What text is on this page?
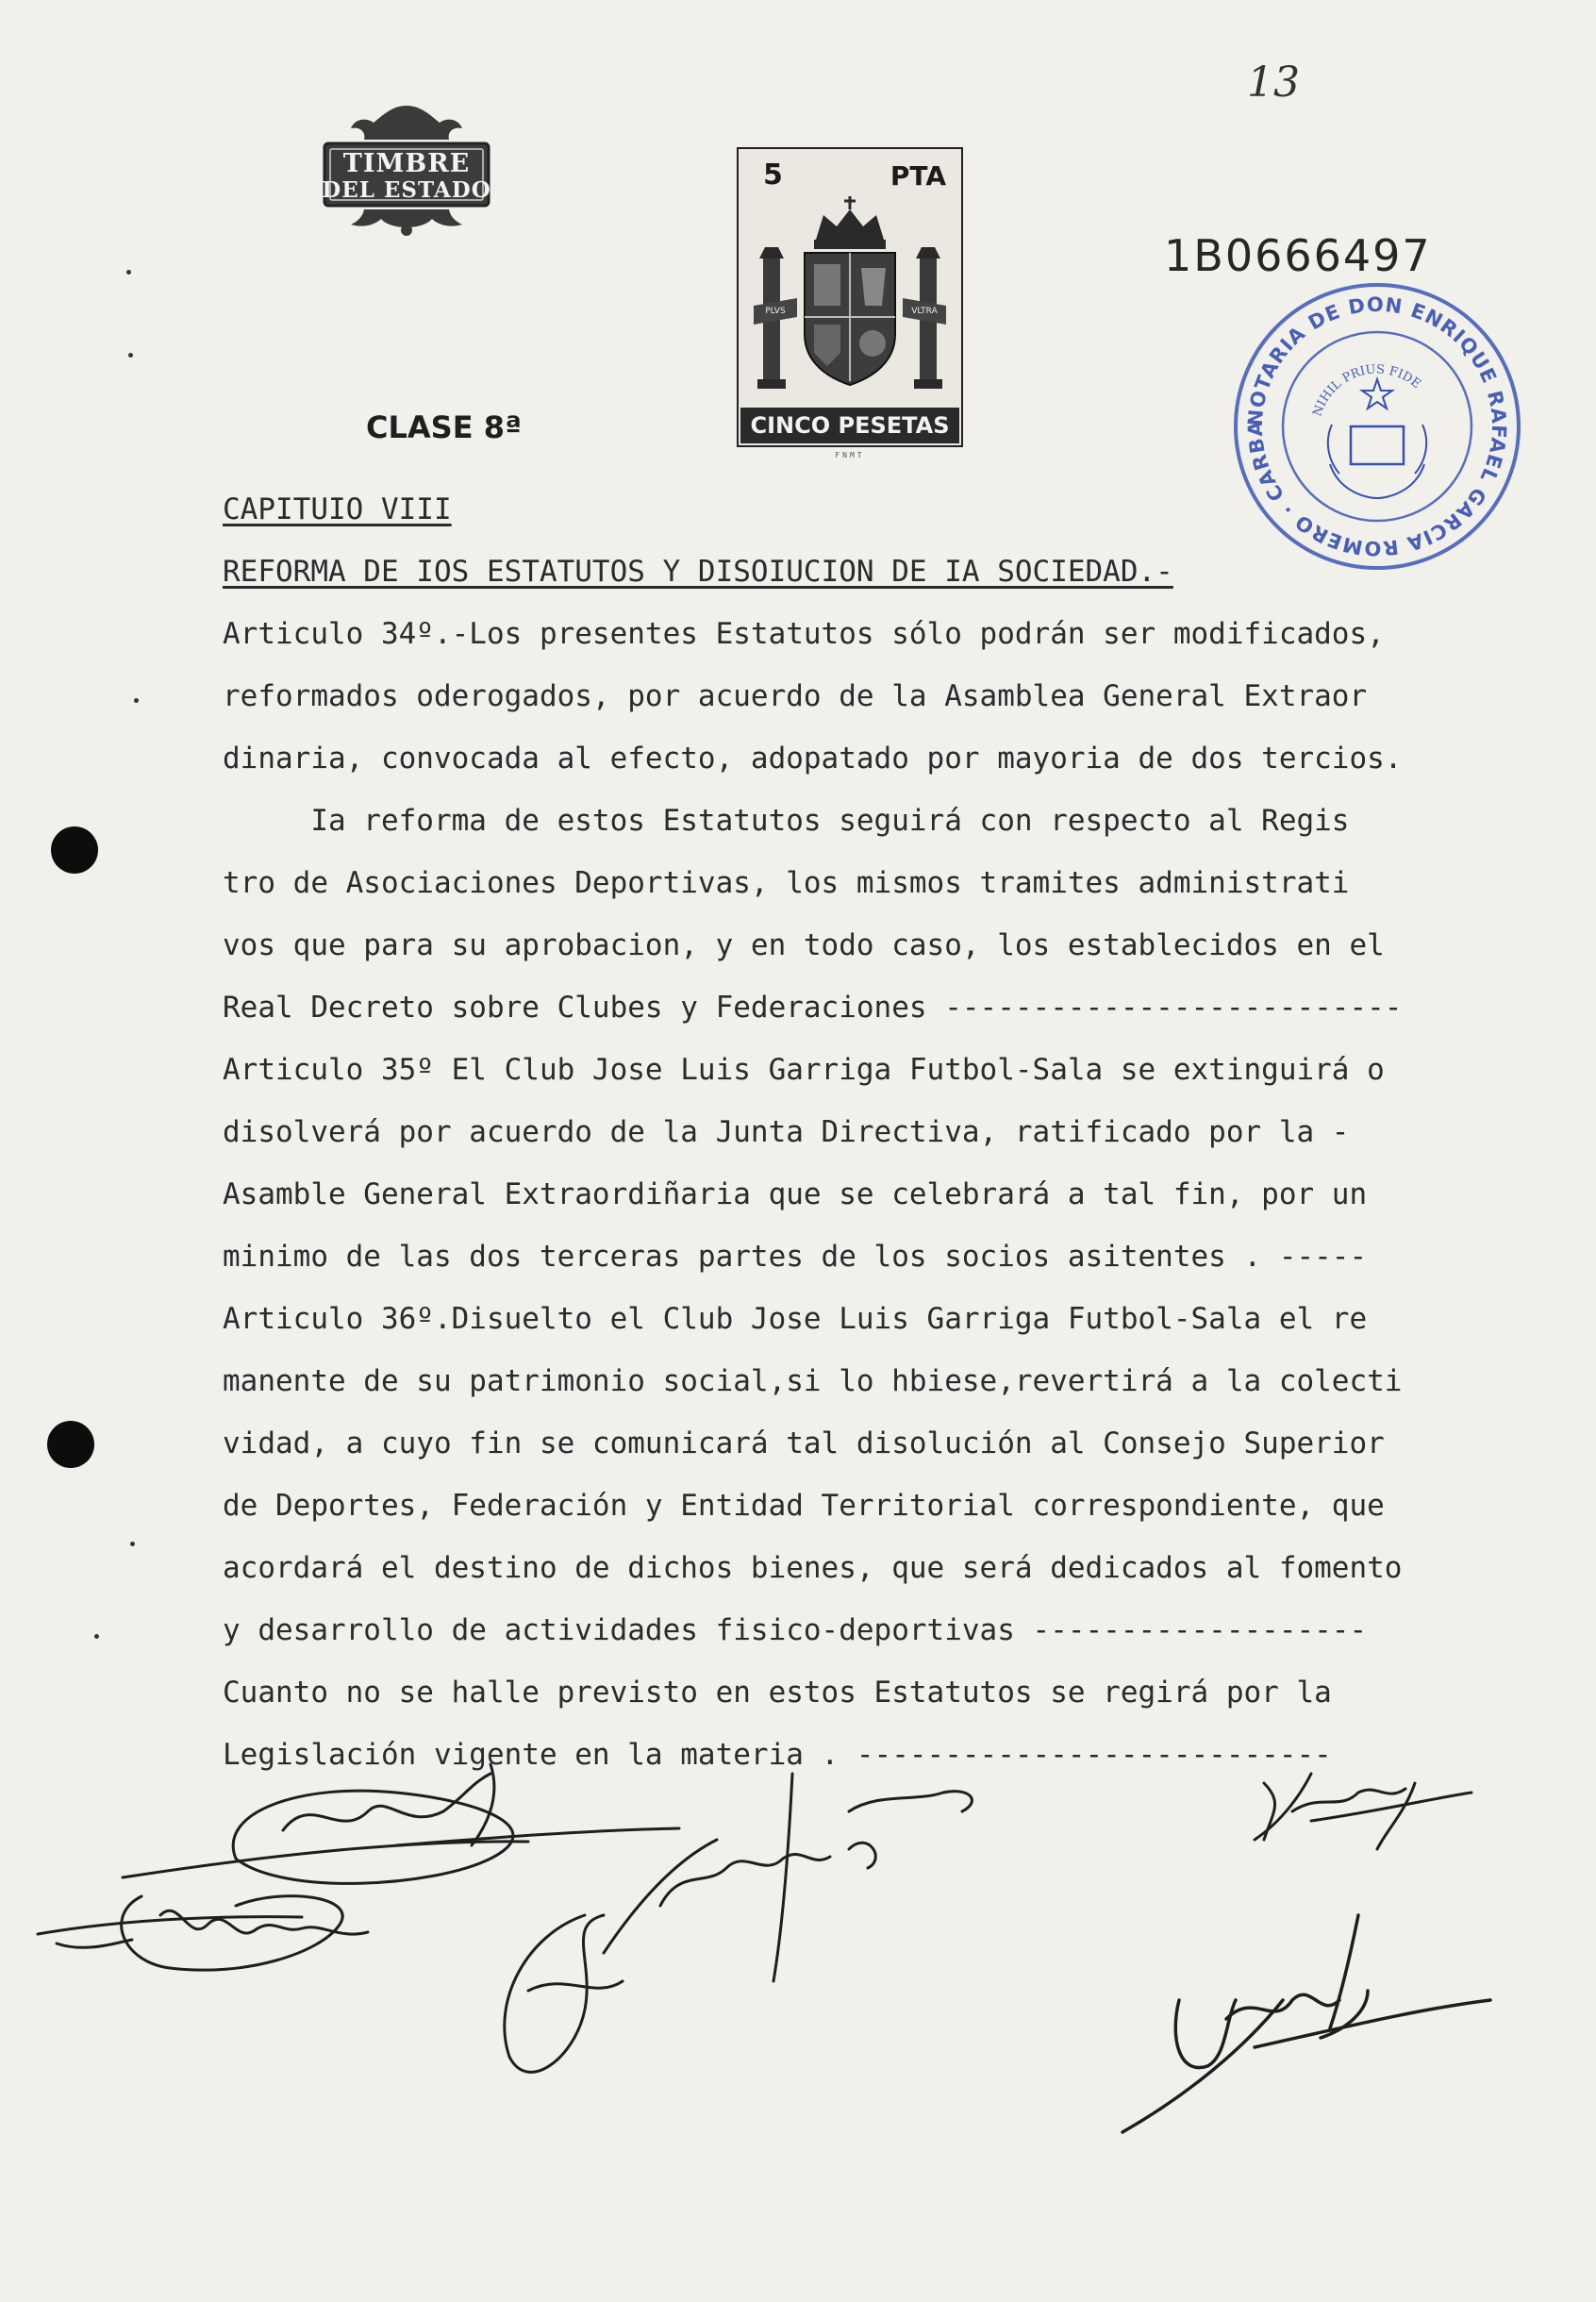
13
TIMBRE
DEL ESTADO	5	PTA
PLVS	VLTRA
CINCO PESETAS
FNMT
1B0666497
CLASE 8ª	NOTARIA DE DON ENRIQUE RAFAEL GARCIA ROMERO · CARBA
NIHIL PRIUS FIDE
CAPITUIO VIII
REFORMA DE IOS ESTATUTOS Y DISOIUCION DE IA SOCIEDAD.-
Articulo 34º.-Los presentes Estatutos sólo podrán ser modificados,
reformados oderogados, por acuerdo de la Asamblea General Extraor
dinaria, convocada al efecto, adopatado por mayoria de dos tercios.
Ia reforma de estos Estatutos seguirá con respecto al Regis
tro de Asociaciones Deportivas, los mismos tramites administrati
vos que para su aprobacion, y en todo caso, los establecidos en el
Real Decreto sobre Clubes y Federaciones --------------------------
Articulo 35º El Club Jose Luis Garriga Futbol-Sala se extinguirá o
disolverá por acuerdo de la Junta Directiva, ratificado por la -
Asamble General Extraordiñaria que se celebrará a tal fin, por un
minimo de las dos terceras partes de los socios asitentes . -----
Articulo 36º.Disuelto el Club Jose Luis Garriga Futbol-Sala el re
manente de su patrimonio social,si lo hbiese,revertirá a la colecti
vidad, a cuyo fin se comunicará tal disolución al Consejo Superior
de Deportes, Federación y Entidad Territorial correspondiente, que
acordará el destino de dichos bienes, que será dedicados al fomento
y desarrollo de actividades fisico-deportivas -------------------
Cuanto no se halle previsto en estos Estatutos se regirá por la
Legislación vigente en la materia . ---------------------------
